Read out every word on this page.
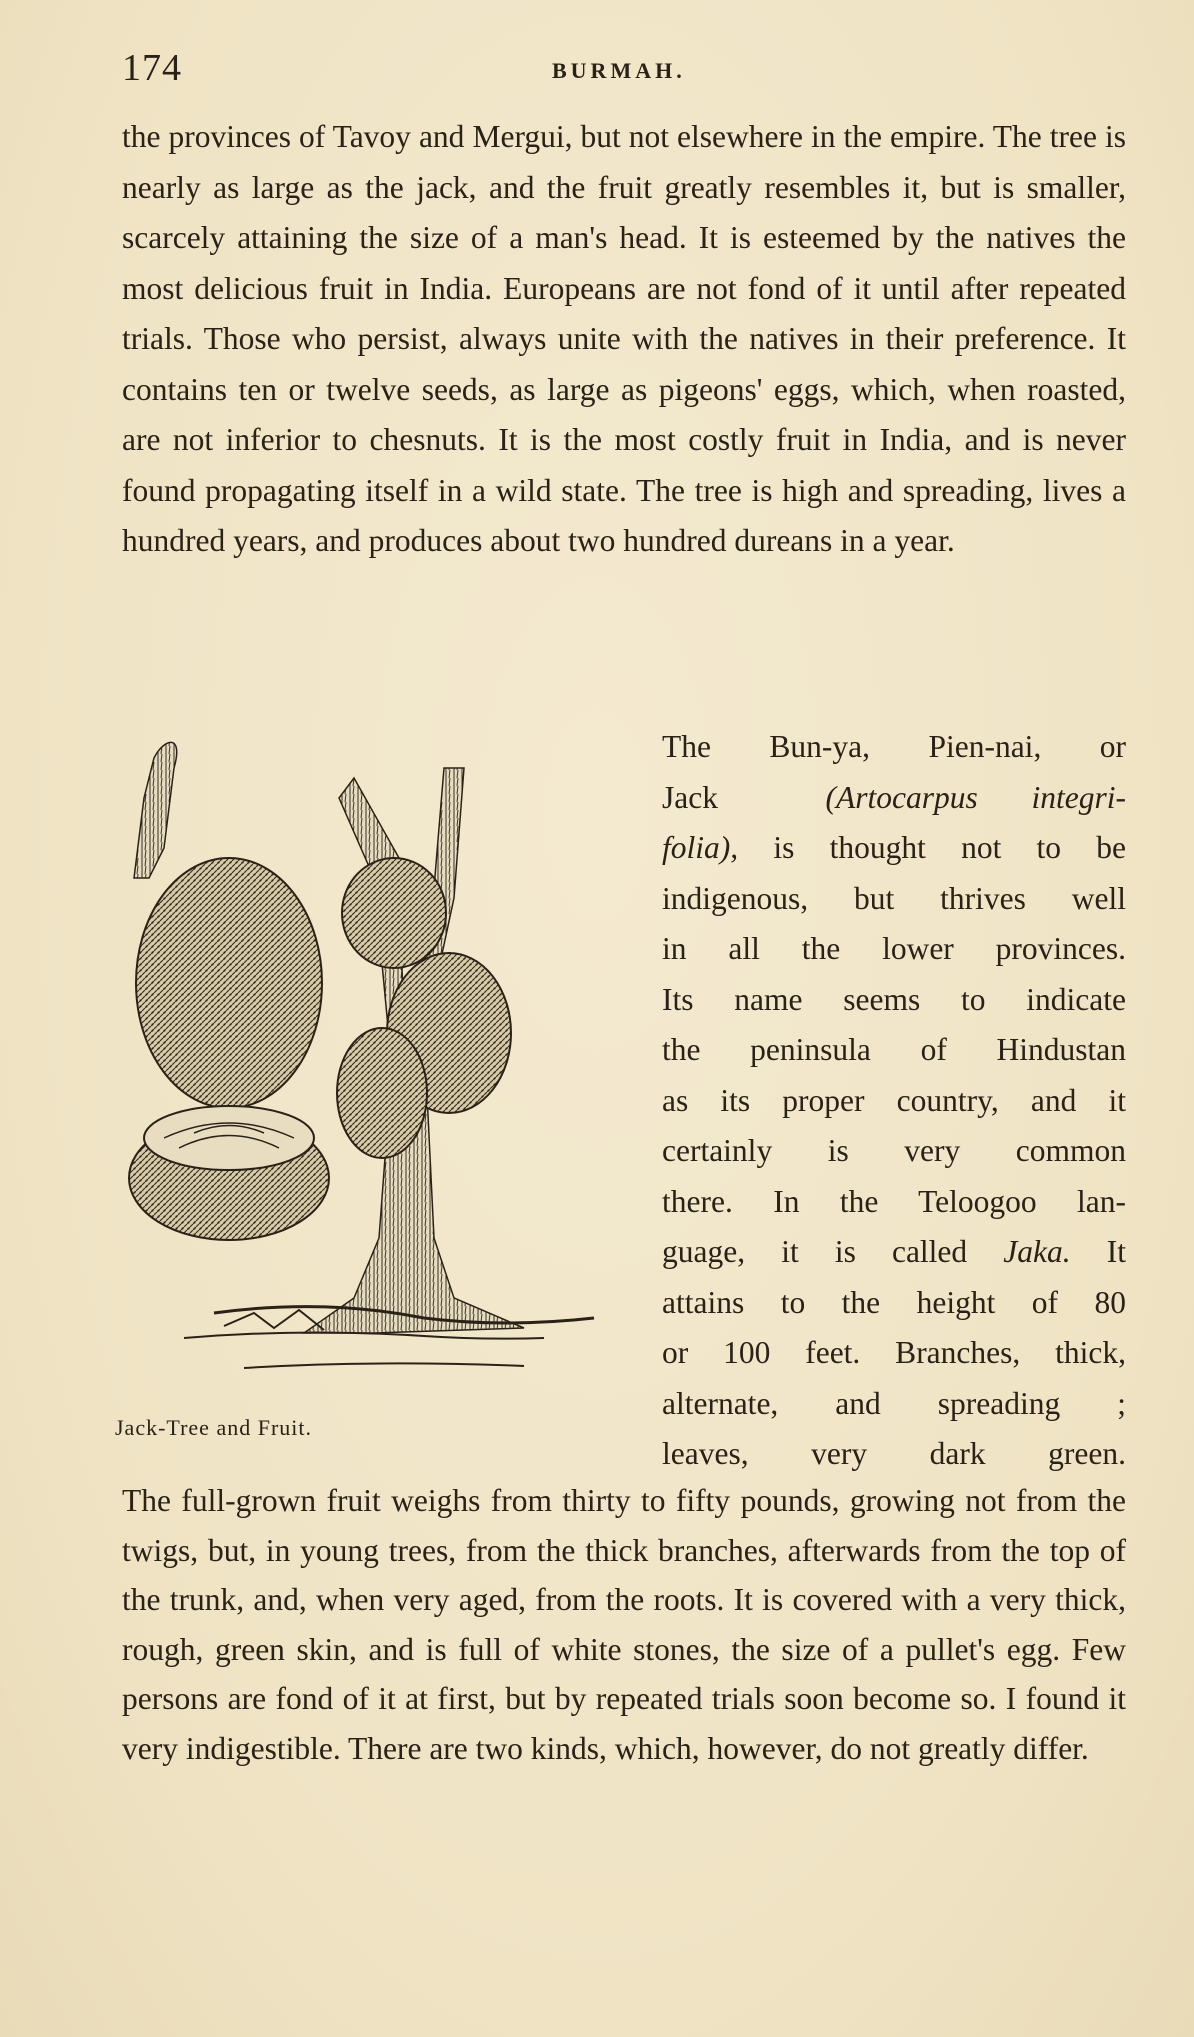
174	BURMAH.

the provinces of Tavoy and Mergui, but not elsewhere in the empire. The tree is nearly as large as the jack, and the fruit greatly resembles it, but is smaller, scarcely attaining the size of a man's head. It is esteemed by the natives the most delicious fruit in India. Europeans are not fond of it until after repeated trials. Those who persist, always unite with the natives in their preference. It contains ten or twelve seeds, as large as pigeons' eggs, which, when roasted, are not inferior to chesnuts. It is the most costly fruit in India, and is never found propagating itself in a wild state. The tree is high and spreading, lives a hundred years, and produces about two hundred dureans in a year.

Jack-Tree and Fruit.
The Bun-ya, Pien-nai, or
Jack	(Artocarpus integri-
folia), is thought not to be
indigenous, but thrives well
in all the lower provinces.
Its name seems to indicate
the peninsula of Hindustan
as its proper country, and it
certainly is very common
there. In the Teloogoo lan-
guage, it is called Jaka. It
attains to the height of 80
or 100 feet. Branches, thick,
alternate, and spreading ;
leaves, very dark green.

The full-grown fruit weighs from thirty to fifty pounds, growing not from the twigs, but, in young trees, from the thick branches, afterwards from the top of the trunk, and, when very aged, from the roots. It is covered with a very thick, rough, green skin, and is full of white stones, the size of a pullet's egg. Few persons are fond of it at first, but by repeated trials soon become so. I found it very indigestible. There are two kinds, which, however, do not greatly differ.
